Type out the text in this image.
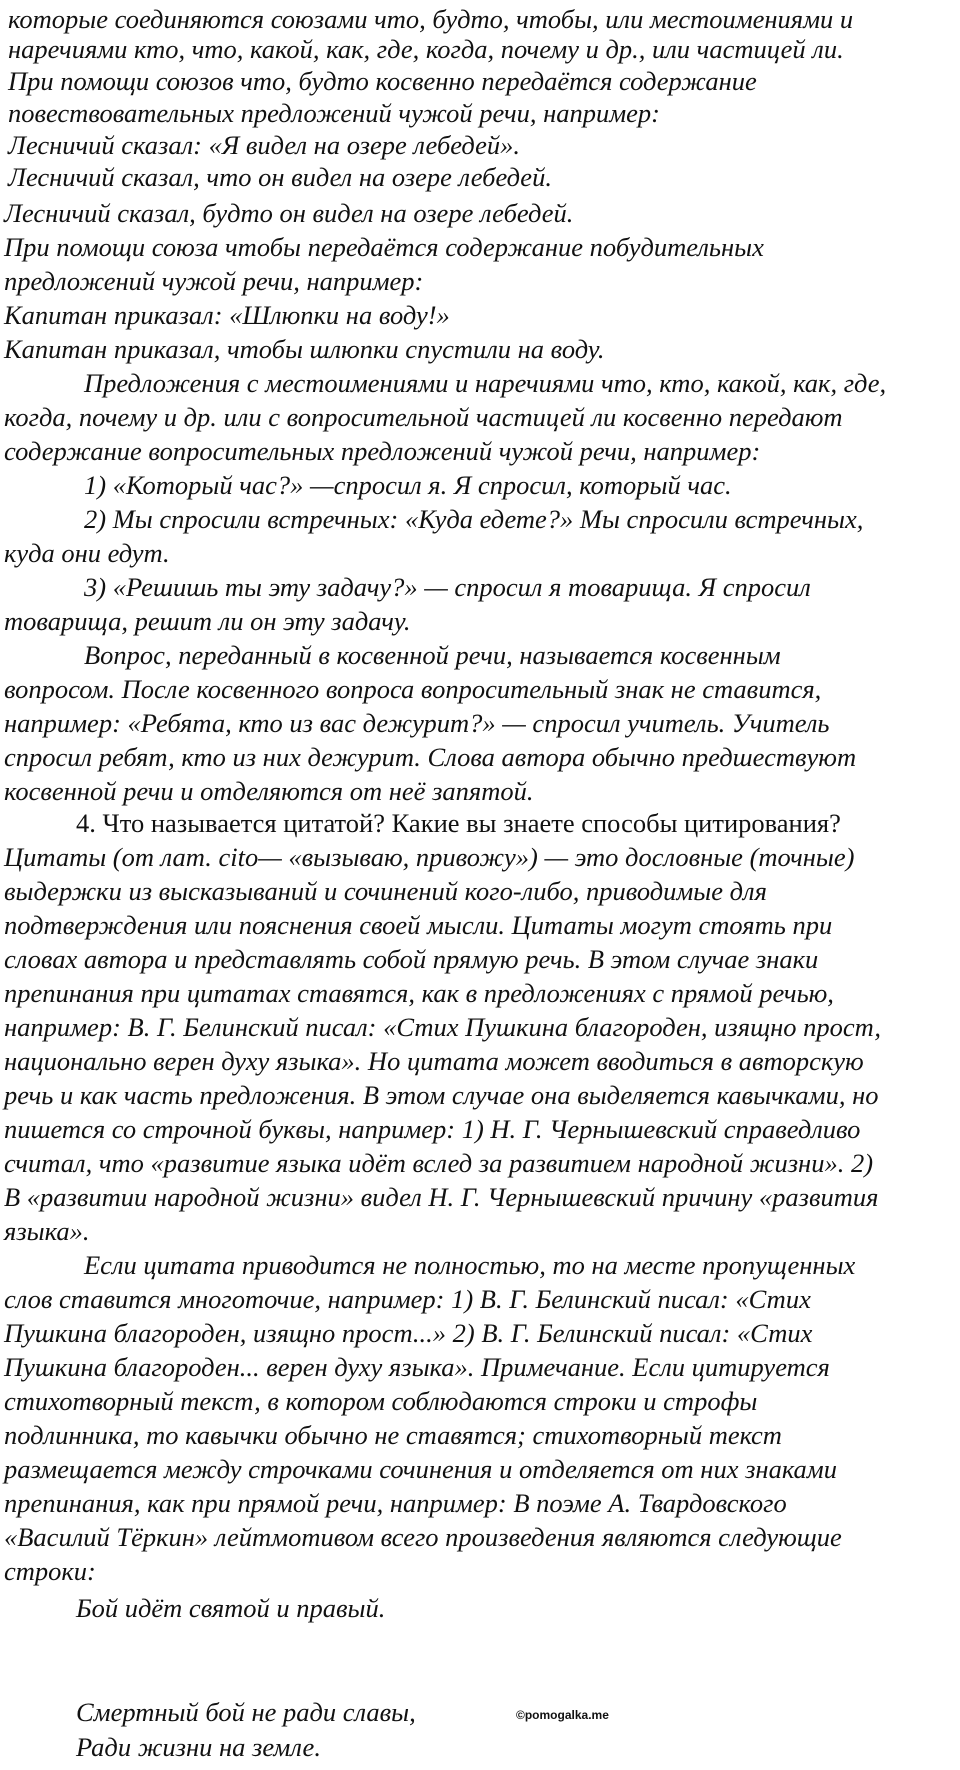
которые соединяются союзами что, будто, чтобы, или местоимениями и

наречиями кто, что, какой, как, где, когда, почему и др., или частицей ли.

При помощи союзов что, будто косвенно передаётся содержание

повествовательных предложений чужой речи, например:

Лесничий сказал: «Я видел на озере лебедей».

Лесничий сказал, что он видел на озере лебедей.

Лесничий сказал, будто он видел на озере лебедей.

При помощи союза чтобы передаётся содержание побудительных

предложений чужой речи, например:

Капитан приказал: «Шлюпки на воду!»

Капитан приказал, чтобы шлюпки спустили на воду.

Предложения с местоимениями и наречиями что, кто, какой, как, где,

когда, почему и др. или с вопросительной частицей ли косвенно передают

содержание вопросительных предложений чужой речи, например:

1) «Который час?» —спросил я. Я спросил, который час.

2) Мы спросили встречных: «Куда едете?» Мы спросили встречных,

куда они едут.

3) «Решишь ты эту задачу?» — спросил я товарища. Я спросил

товарища, решит ли он эту задачу.

Вопрос, переданный в косвенной речи, называется косвенным

вопросом. После косвенного вопроса вопросительный знак не ставится,

например: «Ребята, кто из вас дежурит?» — спросил учитель. Учитель

спросил ребят, кто из них дежурит. Слова автора обычно предшествуют

косвенной речи и отделяются от неё запятой.

4. Что называется цитатой? Какие вы знаете способы цитирования?

Цитаты (от лат. cito— «вызываю, привожу») — это дословные (точные)

выдержки из высказываний и сочинений кого-либо, приводимые для

подтверждения или пояснения своей мысли. Цитаты могут стоять при

словах автора и представлять собой прямую речь. В этом случае знаки

препинания при цитатах ставятся, как в предложениях с прямой речью,

например: В. Г. Белинский писал: «Стих Пушкина благороден, изящно прост,

национально верен духу языка». Но цитата может вводиться в авторскую

речь и как часть предложения. В этом случае она выделяется кавычками, но

пишется со строчной буквы, например: 1) Н. Г. Чернышевский справедливо

считал, что «развитие языка идёт вслед за развитием народной жизни». 2)

В «развитии народной жизни» видел Н. Г. Чернышевский причину «развития

языка».

Если цитата приводится не полностью, то на месте пропущенных

слов ставится многоточие, например: 1) В. Г. Белинский писал: «Стих

Пушкина благороден, изящно прост...» 2) В. Г. Белинский писал: «Стих

Пушкина благороден... верен духу языка». Примечание. Если цитируется

стихотворный текст, в котором соблюдаются строки и строфы

подлинника, то кавычки обычно не ставятся; стихотворный текст

размещается между строчками сочинения и отделяется от них знаками

препинания, как при прямой речи, например: В поэме А. Твардовского

«Василий Тёркин» лейтмотивом всего произведения являются следующие

строки:

Бой идёт святой и правый.

Смертный бой не ради славы,

Ради жизни на земле.

©pomogalka.me
